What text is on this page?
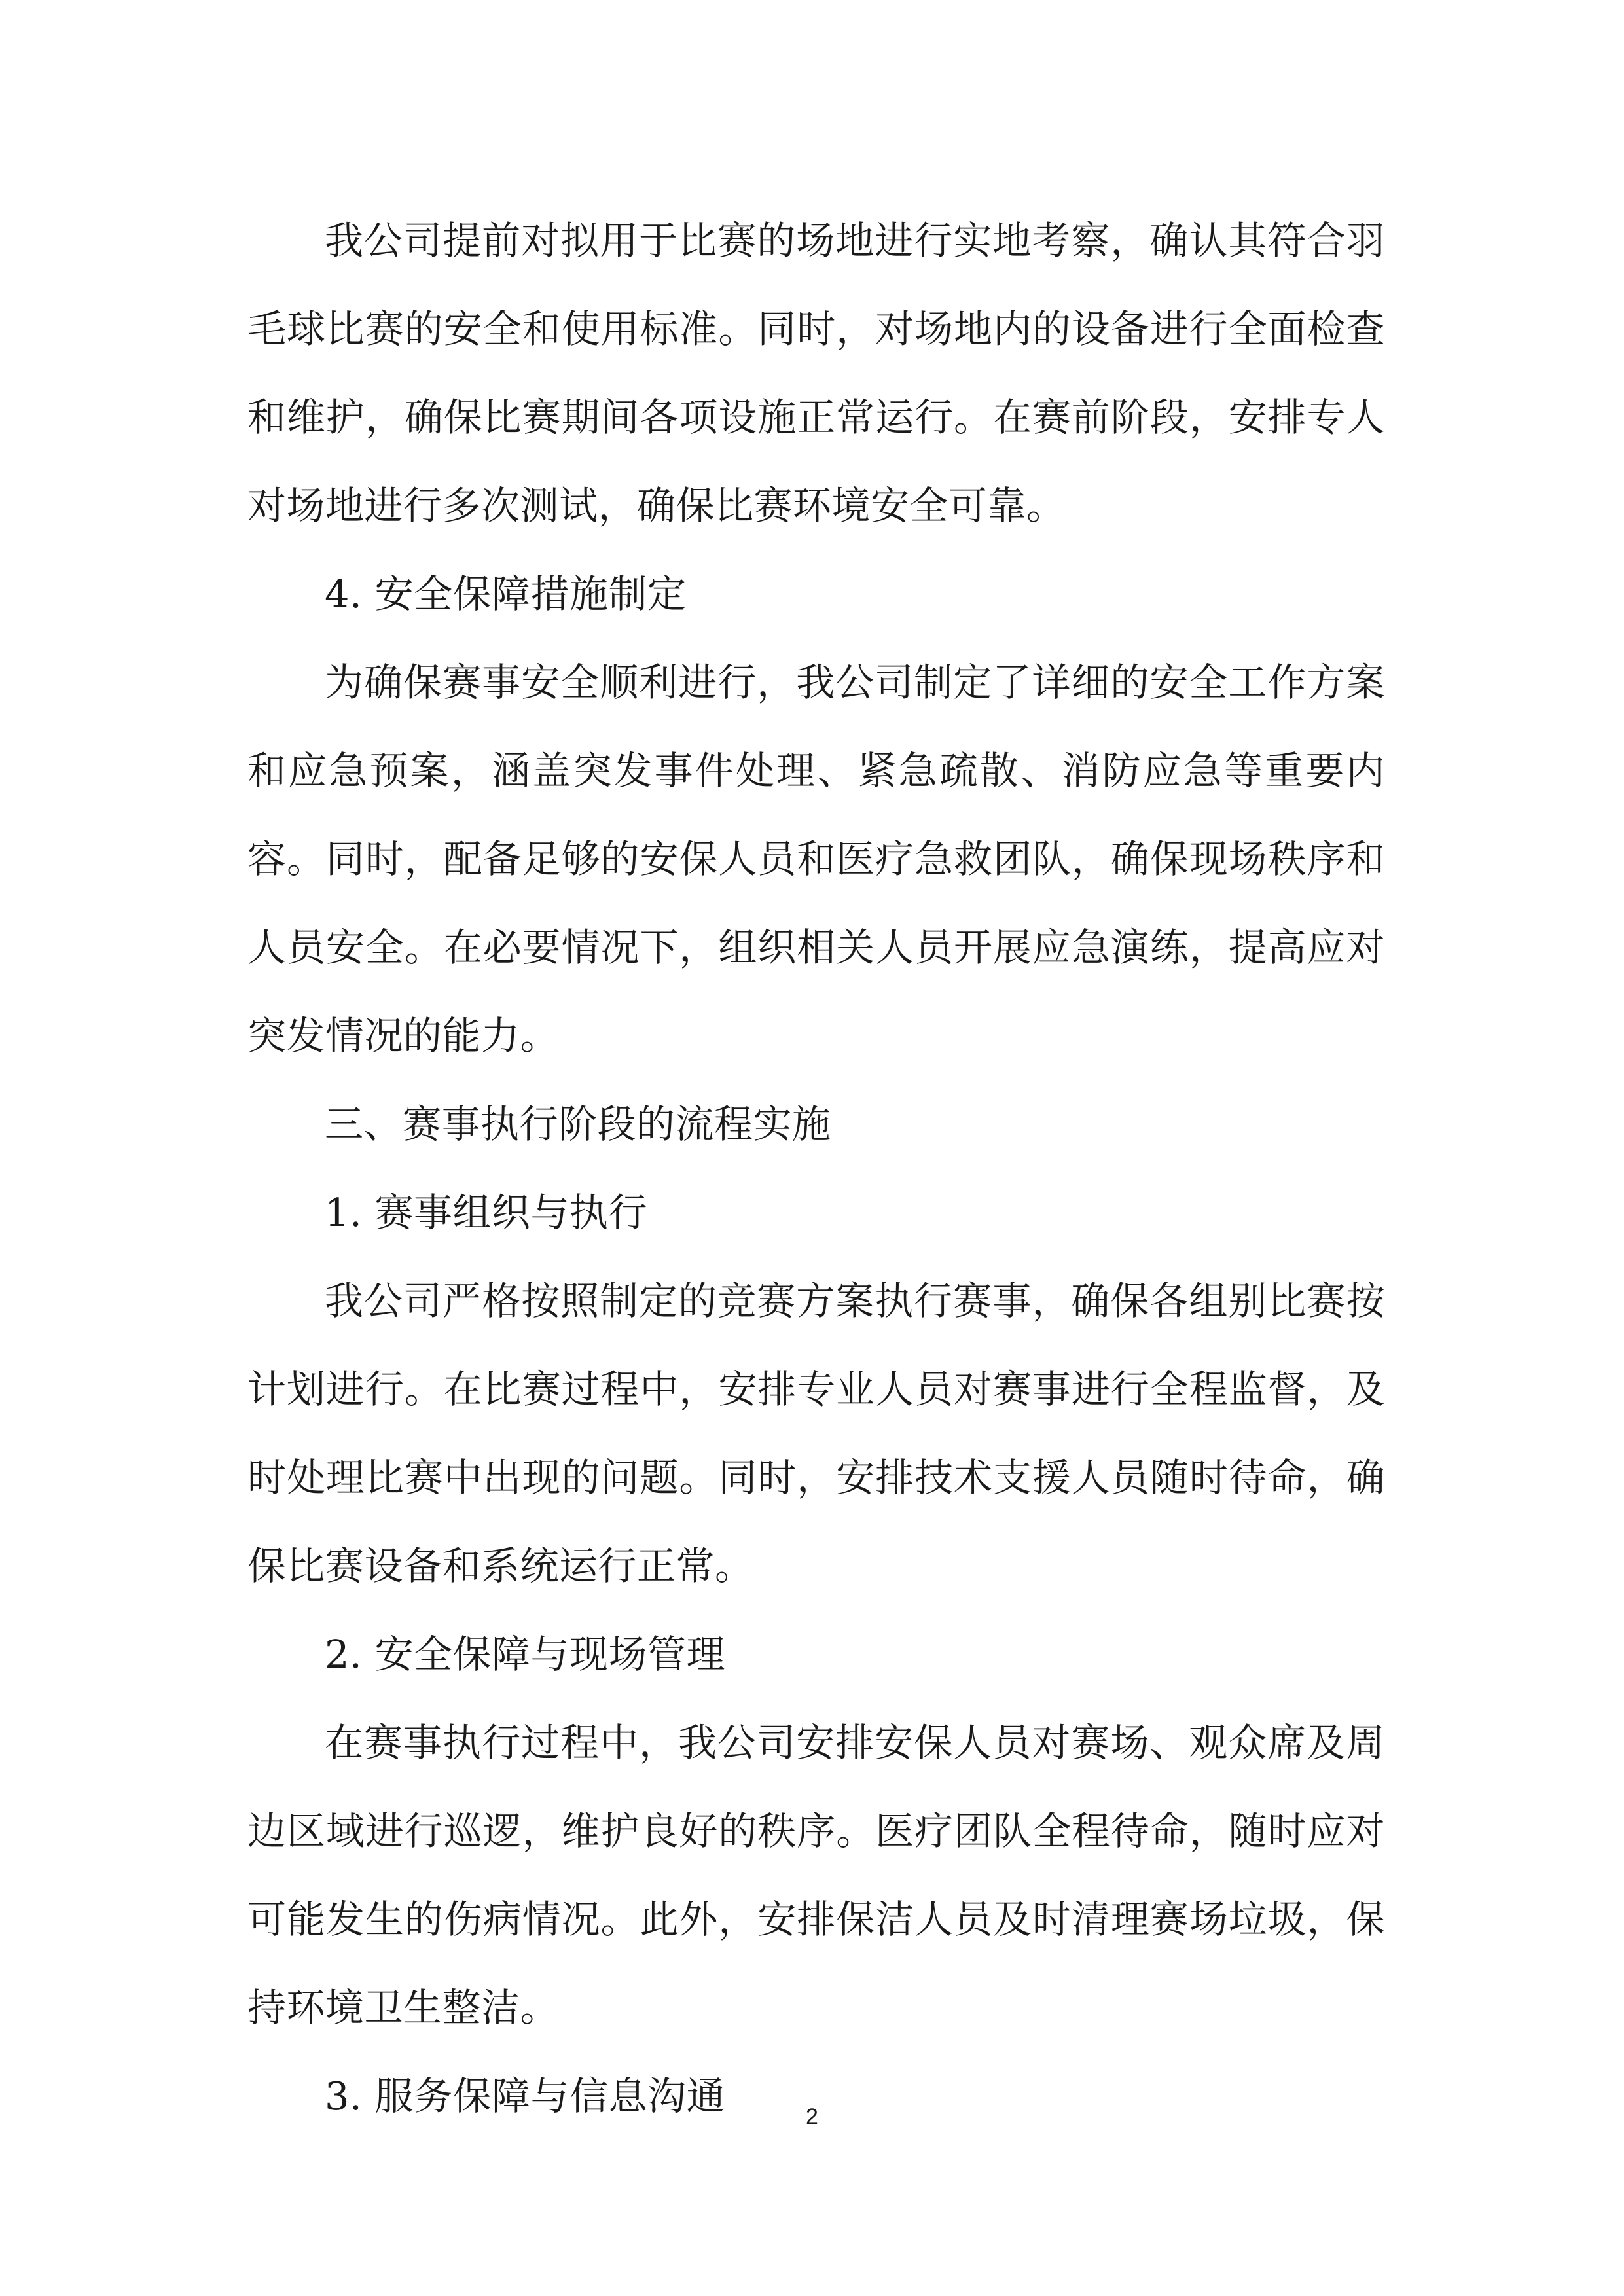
我公司提前对拟用于比赛的场地进行实地考察，确认其符合羽毛球比赛的安全和使用标准。同时，对场地内的设备进行全面检查和维护，确保比赛期间各项设施正常运行。在赛前阶段，安排专人对场地进行多次测试，确保比赛环境安全可靠。

4. 安全保障措施制定

为确保赛事安全顺利进行，我公司制定了详细的安全工作方案和应急预案，涵盖突发事件处理、紧急疏散、消防应急等重要内容。同时，配备足够的安保人员和医疗急救团队，确保现场秩序和人员安全。在必要情况下，组织相关人员开展应急演练，提高应对突发情况的能力。

三、赛事执行阶段的流程实施

1. 赛事组织与执行

我公司严格按照制定的竞赛方案执行赛事，确保各组别比赛按计划进行。在比赛过程中，安排专业人员对赛事进行全程监督，及时处理比赛中出现的问题。同时，安排技术支援人员随时待命，确保比赛设备和系统运行正常。

2. 安全保障与现场管理

在赛事执行过程中，我公司安排安保人员对赛场、观众席及周边区域进行巡逻，维护良好的秩序。医疗团队全程待命，随时应对可能发生的伤病情况。此外，安排保洁人员及时清理赛场垃圾，保持环境卫生整洁。

3. 服务保障与信息沟通	2
